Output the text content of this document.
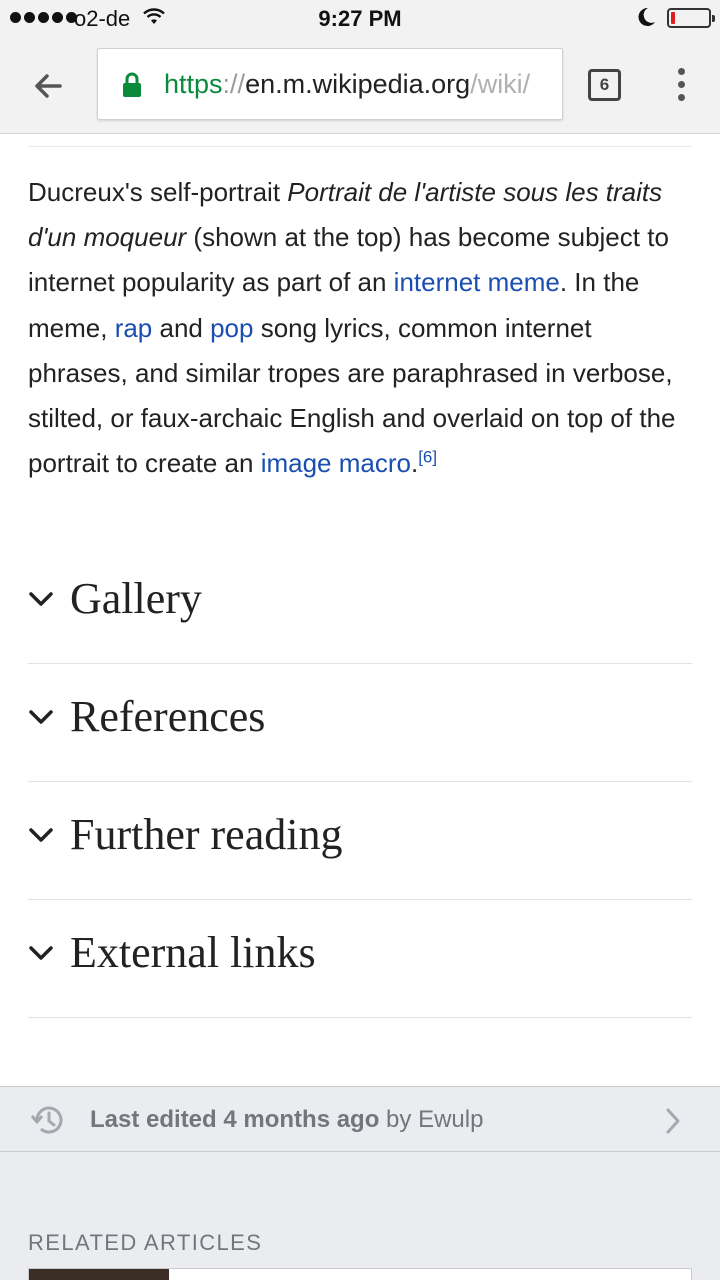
o2-de	9:27 PM
https://en.m.wikipedia.org/wiki/	6

Ducreux's self-portrait Portrait de l'artiste sous les traits d'un moqueur (shown at the top) has become subject to internet popularity as part of an internet meme. In the meme, rap and pop song lyrics, common internet phrases, and similar tropes are paraphrased in verbose, stilted, or faux-archaic English and overlaid on top of the portrait to create an image macro.[6]

Gallery
References
Further reading
External links
Last edited 4 months ago by Ewulp
RELATED ARTICLES
